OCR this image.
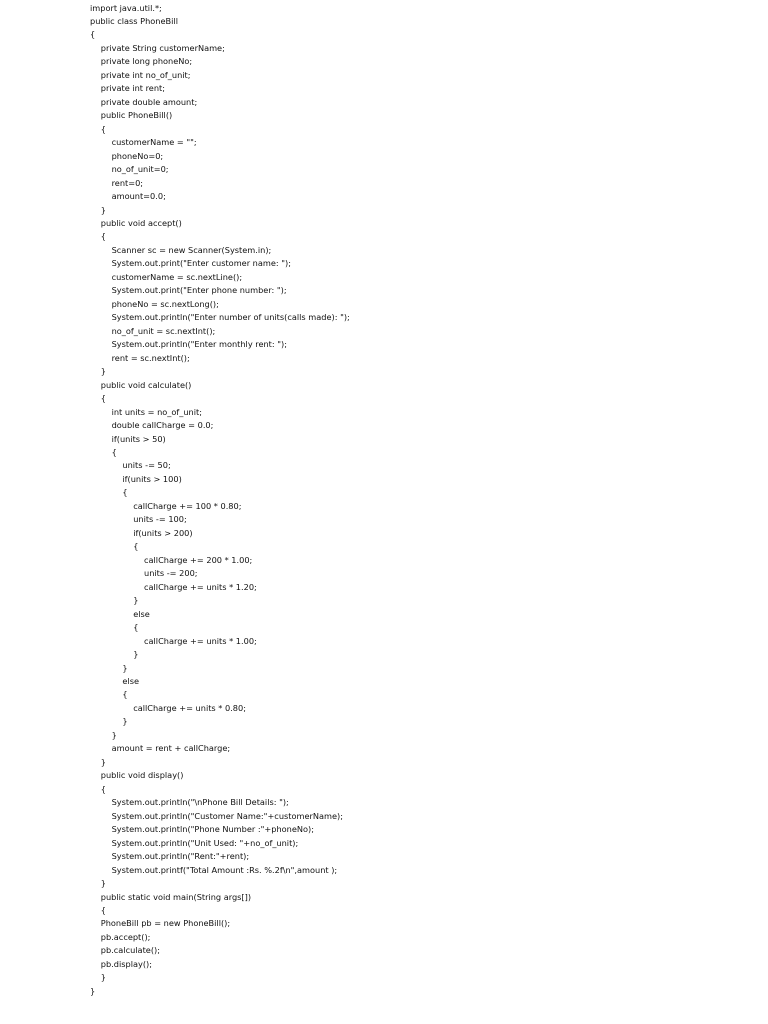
import java.util.*;
public class PhoneBill
{
private String customerName;
private long phoneNo;
private int no_of_unit;
private int rent;
private double amount;
public PhoneBill()
{
customerName = "";
phoneNo=0;
no_of_unit=0;
rent=0;
amount=0.0;
}
public void accept()
{
Scanner sc = new Scanner(System.in);
System.out.print("Enter customer name: ");
customerName = sc.nextLine();
System.out.print("Enter phone number: ");
phoneNo = sc.nextLong();
System.out.println("Enter number of units(calls made): ");
no_of_unit = sc.nextInt();
System.out.println("Enter monthly rent: ");
rent = sc.nextInt();
}
public void calculate()
{
int units = no_of_unit;
double callCharge = 0.0;
if(units > 50)
{
units -= 50;
if(units > 100)
{
callCharge += 100 * 0.80;
units -= 100;
if(units > 200)
{
callCharge += 200 * 1.00;
units -= 200;
callCharge += units * 1.20;
}
else
{
callCharge += units * 1.00;
}
}
else
{
callCharge += units * 0.80;
}
}
amount = rent + callCharge;
}
public void display()
{
System.out.println("\nPhone Bill Details: ");
System.out.println("Customer Name:"+customerName);
System.out.println("Phone Number :"+phoneNo);
System.out.println("Unit Used: "+no_of_unit);
System.out.println("Rent:"+rent);
System.out.printf("Total Amount :Rs. %.2f\n",amount );
}
public static void main(String args[])
{
PhoneBill pb = new PhoneBill();
pb.accept();
pb.calculate();
pb.display();
}
}
